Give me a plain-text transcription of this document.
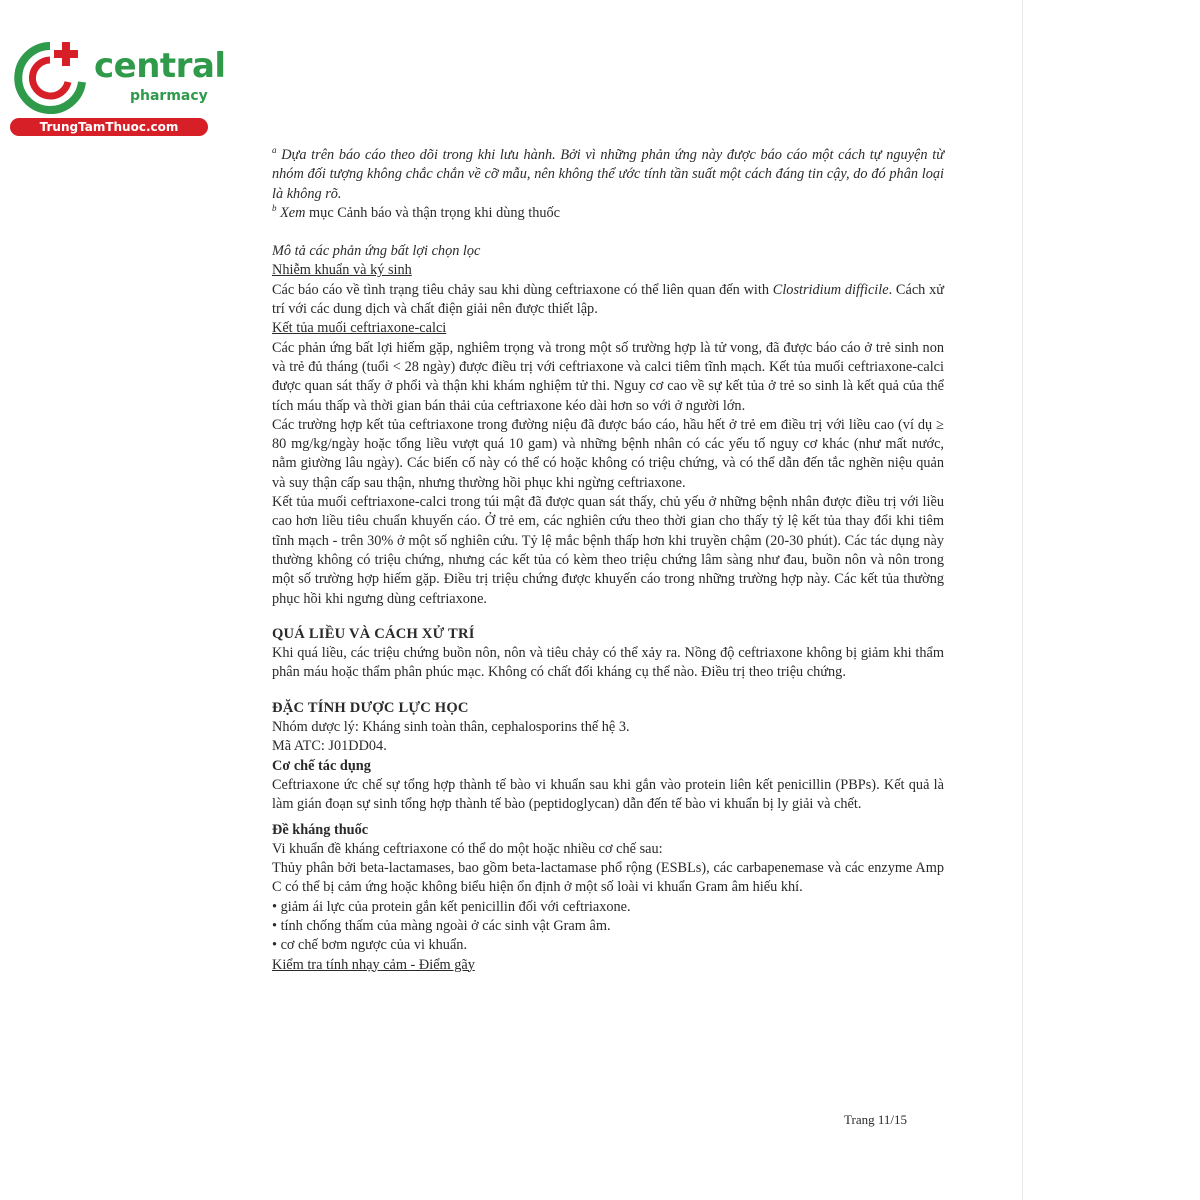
central
pharmacy
TrungTamThuoc.com

$^a$ Dựa trên báo cáo theo dõi trong khi lưu hành. Bởi vì những phản ứng này được báo cáo một cách tự nguyện từ nhóm đối tượng không chắc chắn về cỡ mẫu, nên không thể ước tính tần suất một cách đáng tin cậy, do đó phân loại là không rõ.

$^b$ Xem mục Cảnh báo và thận trọng khi dùng thuốc

Mô tả các phản ứng bất lợi chọn lọc

Nhiễm khuẩn và ký sinh

Các báo cáo về tình trạng tiêu chảy sau khi dùng ceftriaxone có thể liên quan đến with Clostridium difficile. Cách xử trí với các dung dịch và chất điện giải nên được thiết lập.

Kết tủa muối ceftriaxone-calci

Các phản ứng bất lợi hiếm gặp, nghiêm trọng và trong một số trường hợp là tử vong, đã được báo cáo ở trẻ sinh non và trẻ đủ tháng (tuổi < 28 ngày) được điều trị với ceftriaxone và calci tiêm tĩnh mạch. Kết tủa muối ceftriaxone-calci được quan sát thấy ở phổi và thận khi khám nghiệm tử thi. Nguy cơ cao về sự kết tủa ở trẻ so sinh là kết quả của thể tích máu thấp và thời gian bán thải của ceftriaxone kéo dài hơn so với ở người lớn.

Các trường hợp kết tủa ceftriaxone trong đường niệu đã được báo cáo, hầu hết ở trẻ em điều trị với liều cao (ví dụ ≥ 80 mg/kg/ngày hoặc tổng liều vượt quá 10 gam) và những bệnh nhân có các yếu tố nguy cơ khác (như mất nước, nằm giường lâu ngày). Các biến cố này có thể có hoặc không có triệu chứng, và có thể dẫn đến tắc nghẽn niệu quản và suy thận cấp sau thận, nhưng thường hồi phục khi ngừng ceftriaxone.

Kết tủa muối ceftriaxone-calci trong túi mật đã được quan sát thấy, chủ yếu ở những bệnh nhân được điều trị với liều cao hơn liều tiêu chuẩn khuyến cáo. Ở trẻ em, các nghiên cứu theo thời gian cho thấy tỷ lệ kết tủa thay đổi khi tiêm tĩnh mạch - trên 30% ở một số nghiên cứu. Tỷ lệ mắc bệnh thấp hơn khi truyền chậm (20-30 phút). Các tác dụng này thường không có triệu chứng, nhưng các kết tủa có kèm theo triệu chứng lâm sàng như đau, buồn nôn và nôn trong một số trường hợp hiếm gặp. Điều trị triệu chứng được khuyến cáo trong những trường hợp này. Các kết tủa thường phục hồi khi ngưng dùng ceftriaxone.

QUÁ LIỀU VÀ CÁCH XỬ TRÍ

Khi quá liều, các triệu chứng buồn nôn, nôn và tiêu chảy có thể xảy ra. Nồng độ ceftriaxone không bị giảm khi thẩm phân máu hoặc thẩm phân phúc mạc. Không có chất đối kháng cụ thể nào. Điều trị theo triệu chứng.

ĐẶC TÍNH DƯỢC LỰC HỌC

Nhóm dược lý: Kháng sinh toàn thân, cephalosporins thế hệ 3.

Mã ATC: J01DD04.

Cơ chế tác dụng

Ceftriaxone ức chế sự tổng hợp thành tế bào vi khuẩn sau khi gắn vào protein liên kết penicillin (PBPs). Kết quả là làm gián đoạn sự sinh tổng hợp thành tế bào (peptidoglycan) dẫn đến tế bào vi khuẩn bị ly giải và chết.

Đề kháng thuốc

Vi khuẩn đề kháng ceftriaxone có thể do một hoặc nhiều cơ chế sau:

Thủy phân bởi beta-lactamases, bao gồm beta-lactamase phổ rộng (ESBLs), các carbapenemase và các enzyme Amp C có thể bị cảm ứng hoặc không biểu hiện ổn định ở một số loài vi khuẩn Gram âm hiếu khí.

• giảm ái lực của protein gắn kết penicillin đối với ceftriaxone.

• tính chống thấm của màng ngoài ở các sinh vật Gram âm.

• cơ chế bơm ngược của vi khuẩn.

Kiểm tra tính nhạy cảm - Điểm gãy

Trang 11/15
